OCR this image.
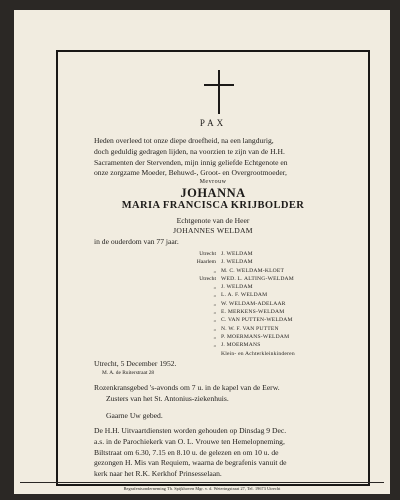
PAX
Heden overleed tot onze diepe droefheid, na een langdurig,
doch geduldig gedragen lijden, na voorzien te zijn van de H.H.
Sacramenten der Stervenden, mijn innig geliefde Echtgenote en
onze zorgzame Moeder, Behuwd-, Groot- en Overgrootmoeder,
Mevrouw
JOHANNA
MARIA FRANCISCA KRIJBOLDER
Echtgenote van de Heer
JOHANNES WELDAM
in de ouderdom van 77 jaar.
Utrecht J. WELDAM
Haarlem J. WELDAM
„ M. C. WELDAM-KLOET
Utrecht WED. L. ALTING-WELDAM
„ J. WELDAM
„ L. A. F. WELDAM
„ W. WELDAM-ADELAAR
„ E. MERKENS-WELDAM
„ C. VAN PUTTEN-WELDAM
„ N. W. F. VAN PUTTEN
„ P. MOERMANS-WELDAM
„ J. MOERMANS
Klein- en Achterkleinkinderen
Utrecht, 5 December 1952.
M. A. de Ruiterstraat 28
Rozenkransgebed 's-avonds om 7 u. in de kapel van de Eerw.
Zusters van het St. Antonius-ziekenhuis.
Gaarne Uw gebed.
De H.H. Uitvaartdiensten worden gehouden op Dinsdag 9 Dec.
a.s. in de Parochiekerk van O. L. Vrouwe ten Hemelopneming,
Biltstraat om 6.30, 7.15 en 8.10 u. de gelezen en om 10 u. de
gezongen H. Mis van Requiem, waarna de begrafenis vanuit de
kerk naar het R.K. Kerkhof Prinsesselaan.
Begrafenisonderneming Th. Spijkhoven Mgr. v. d. Weteringstraat 27, Tel. 19673 Utrecht
